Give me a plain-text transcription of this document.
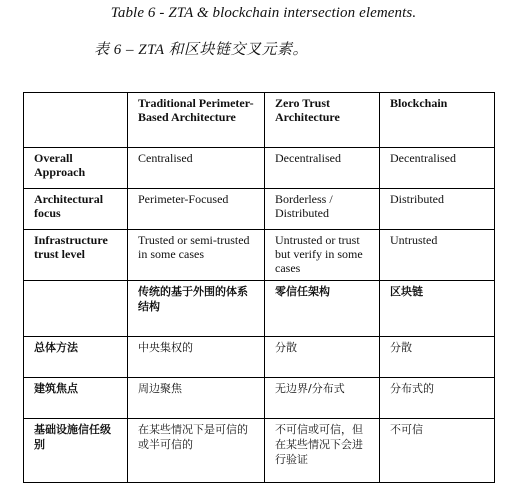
Table 6 - ZTA & blockchain intersection elements.
表 6 – ZTA 和区块链交叉元素。
	Traditional Perimeter-Based Architecture	Zero Trust Architecture	Blockchain
Overall Approach	Centralised	Decentralised	Decentralised
Architectural focus	Perimeter-Focused	Borderless / Distributed	Distributed
Infrastructure trust level	Trusted or semi-trusted in some cases	Untrusted or trust but verify in some cases	Untrusted
	传统的基于外围的体系结构	零信任架构	区块链
总体方法	中央集权的	分散	分散
建筑焦点	周边聚焦	无边界/分布式	分布式的
基础设施信任级别	在某些情况下是可信的或半可信的	不可信或可信，但在某些情况下会进行验证	不可信
